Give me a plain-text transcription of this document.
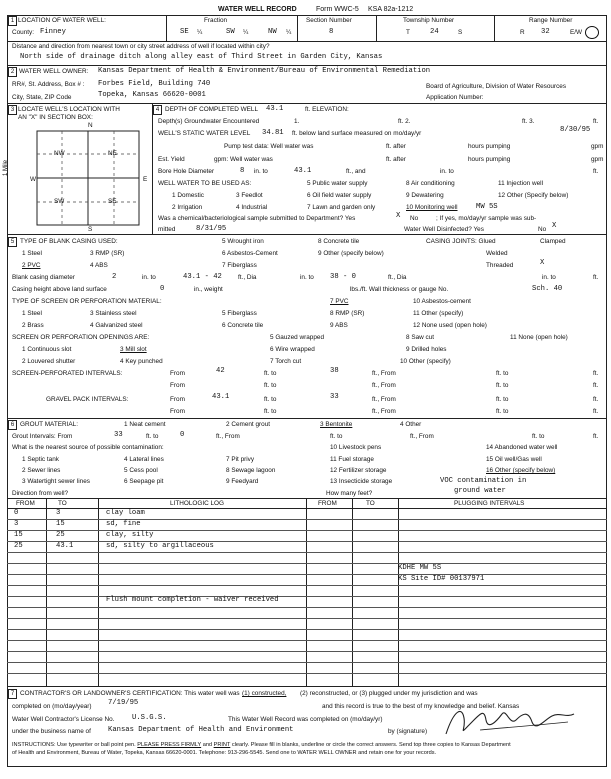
WATER WELL RECORD	Form WWC-5 KSA 82a-1212
1 LOCATION OF WATER WELL:
County: Finney
Fraction
SE ¼	SW ¼	NW ¼
Section Number
8
Township Number
T	24	S
Range Number
R 32	E/W
Distance and direction from nearest town or city street address of well if located within city?
North side of drainage ditch along alley east of Third Street in Garden City, Kansas
2 WATER WELL OWNER: Kansas Department of Health & Environment/Bureau of Environmental Remediation
RR#, St. Address, Box # : Forbes Field, Building 740
City, State, ZIP Code	Topeka, Kansas 66620-0001
Board of Agriculture, Division of Water Resources
Application Number:
3 LOCATE WELL'S LOCATION WITH
AN "X" IN SECTION BOX:
N
S
W	E
1 Mile
NW	NE
SW	SE
4 DEPTH OF COMPLETED WELL 43.1	ft. ELEVATION:
Depth(s) Groundwater Encountered	1.	ft. 2.	ft. 3.	ft.
WELL'S STATIC WATER LEVEL 34.81 ft. below land surface measured on mo/day/yr	8/30/95
Pump test data: Well water was	ft. after	hours pumping	gpm
Est. Yield	gpm: Well water was	ft. after	hours pumping	gpm
Bore Hole Diameter	8 in. to	43.1	ft., and	in. to	ft.
WELL WATER TO BE USED AS:
1 Domestic
2 Irrigation
3 Feedlot
4 Industrial
5 Public water supply
6 Oil field water supply
7 Lawn and garden only
8 Air conditioning
9 Dewatering
10 Monitoring well	MW 5S
11 Injection well
12 Other (Specify below)
Was a chemical/bacteriological sample submitted to Department? Yes	X No	; If yes, mo/day/yr sample was sub-
mitted	8/31/95	Water Well Disinfected? Yes	No X
5 TYPE OF BLANK CASING USED:
1 Steel
2 PVC
3 RMP (SR)
4 ABS
5 Wrought iron
6 Asbestos-Cement
7 Fiberglass
8 Concrete tile
9 Other (specify below)
CASING JOINTS: Glued	Clamped
Welded
Threaded	X
Blank casing diameter	2	in. to	43.1 - 42	ft., Dia	in. to 38 - 0	ft., Dia	in. to	ft.
Casing height above land surface	0	in., weight	lbs./ft. Wall thickness or gauge No.	Sch. 40
TYPE OF SCREEN OR PERFORATION MATERIAL:
1 Steel
2 Brass
3 Stainless steel
4 Galvanized steel
5 Fiberglass
6 Concrete tile
7 PVC
8 RMP (SR)
9 ABS
10 Asbestos-cement
11 Other (specify)
12 None used (open hole)
SCREEN OR PERFORATION OPENINGS ARE:
1 Continuous slot
2 Louvered shutter
3 Mill slot
4 Key punched
5 Gauzed wrapped
6 Wire wrapped
7 Torch cut
8 Saw cut
9 Drilled holes
10 Other (specify)
11 None (open hole)
SCREEN-PERFORATED INTERVALS:	From	42	ft. to	38	ft., From	ft. to	ft.
From	ft. to	ft., From	ft. to	ft.
GRAVEL PACK INTERVALS:	From	43.1	ft. to	33	ft., From	ft. to	ft.
From	ft. to	ft., From	ft. to	ft.
6 GROUT MATERIAL:	1 Neat cement	2 Cement grout	3 Bentonite	4 Other
Grout Intervals: From	33	ft. to	0	ft., From	ft. to	ft., From	ft. to	ft.
What is the nearest source of possible contamination:
1 Septic tank
2 Sewer lines
3 Watertight sewer lines
4 Lateral lines
5 Cess pool
6 Seepage pit
7 Pit privy
8 Sewage lagoon
9 Feedyard
10 Livestock pens
11 Fuel storage
12 Fertilizer storage
13 Insecticide storage
14 Abandoned water well
15 Oil well/Gas well
16 Other (specify below)
VOC contamination in
ground water
Direction from well?	How many feet?
FROM	TO	LITHOLOGIC LOG	FROM	TO	PLUGGING INTERVALS
0	3	clay loam
3	15	sd, fine
15	25	clay, silty
25	43.1	sd, silty to argillaceous
KDHE MW 5S
KS Site ID# 00137971
Flush mount completion - waiver received
7 CONTRACTOR'S OR LANDOWNER'S CERTIFICATION: This water well was (1) constructed, (2) reconstructed, or (3) plugged under my jurisdiction and was
completed on (mo/day/year) 7/19/95	and this record is true to the best of my knowledge and belief. Kansas
Water Well Contractor's License No. U.S.G.S.	This Water Well Record was completed on (mo/day/yr)
under the business name of Kansas Department of Health and Environment	by (signature)
INSTRUCTIONS: Use typewriter or ball point pen. PLEASE PRESS FIRMLY and PRINT clearly. Please fill in blanks, underline or circle the correct answers. Send top three copies to Kansas Department
of Health and Environment, Bureau of Water, Topeka, Kansas 66620-0001. Telephone: 913-296-5545. Send one to WATER WELL OWNER and retain one for your records.
